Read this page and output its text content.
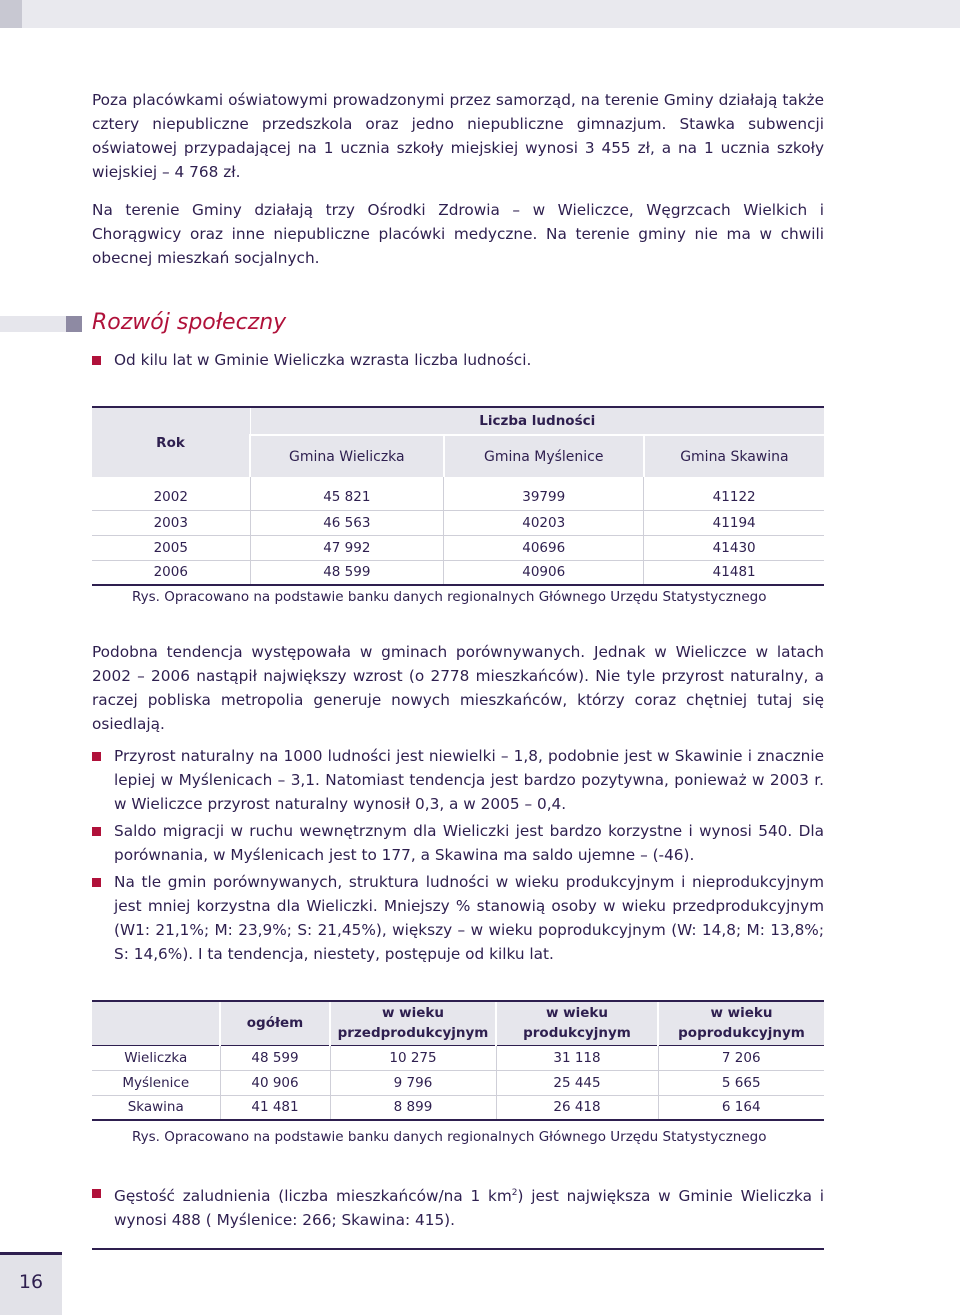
Poza placówkami oświatowymi prowadzonymi przez samorząd, na terenie Gminy działają także cztery niepubliczne przedszkola oraz jedno niepubliczne gimnazjum. Stawka subwencji oświatowej przypadającej na 1 ucznia szkoły miejskiej wynosi 3 455 zł, a na 1 ucznia szkoły wiejskiej – 4 768 zł.

Na terenie Gminy działają trzy Ośrodki Zdrowia – w Wieliczce, Węgrzcach Wielkich i Chorągwicy oraz inne niepubliczne placówki medyczne. Na terenie gminy nie ma w chwili obecnej mieszkań socjalnych.

Rozwój społeczny
Od kilu lat w Gminie Wieliczka wzrasta liczba ludności.
Rok	Liczba ludności		
	Gmina Wieliczka	Gmina Myślenice	Gmina Skawina
2002	45 821	39799	41122
2003	46 563	40203	41194
2005	47 992	40696	41430
2006	48 599	40906	41481
Rys. Opracowano na podstawie banku danych regionalnych Głównego Urzędu Statystycznego

Podobna tendencja występowała w gminach porównywanych. Jednak w Wieliczce w latach 2002 – 2006 nastąpił największy wzrost (o 2778 mieszkańców). Nie tyle przyrost naturalny, a raczej pobliska metropolia generuje nowych mieszkańców, którzy coraz chętniej tutaj się osiedlają.

Przyrost naturalny na 1000 ludności jest niewielki – 1,8, podobnie jest w Skawinie i znacznie lepiej w Myślenicach – 3,1. Natomiast tendencja jest bardzo pozytywna, ponieważ w 2003 r. w Wieliczce przyrost naturalny wynosił 0,3, a w 2005 – 0,4.
Saldo migracji w ruchu wewnętrznym dla Wieliczki jest bardzo korzystne i wynosi 540. Dla porównania, w Myślenicach jest to 177, a Skawina ma saldo ujemne – (-46).
Na tle gmin porównywanych, struktura ludności w wieku produkcyjnym i nieprodukcyjnym jest mniej korzystna dla Wieliczki. Mniejszy % stanowią osoby w wieku przedprodukcyjnym (W1: 21,1%; M: 23,9%; S: 21,45%), większy – w wieku poprodukcyjnym (W: 14,8; M: 13,8%; S: 14,6%). I ta tendencja, niestety, postępuje od kilku lat.
	ogółem	w wieku przedprodukcyjnym	w wieku produkcyjnym	w wieku poprodukcyjnym
Wieliczka	48 599	10 275	31 118	7 206
Myślenice	40 906	9 796	25 445	5 665
Skawina	41 481	8 899	26 418	6 164
Rys. Opracowano na podstawie banku danych regionalnych Głównego Urzędu Statystycznego
Gęstość zaludnienia (liczba mieszkańców/na 1 $km^2$) jest największa w Gminie Wieliczka i wynosi 488 ( Myślenice: 266; Skawina: 415).
16
